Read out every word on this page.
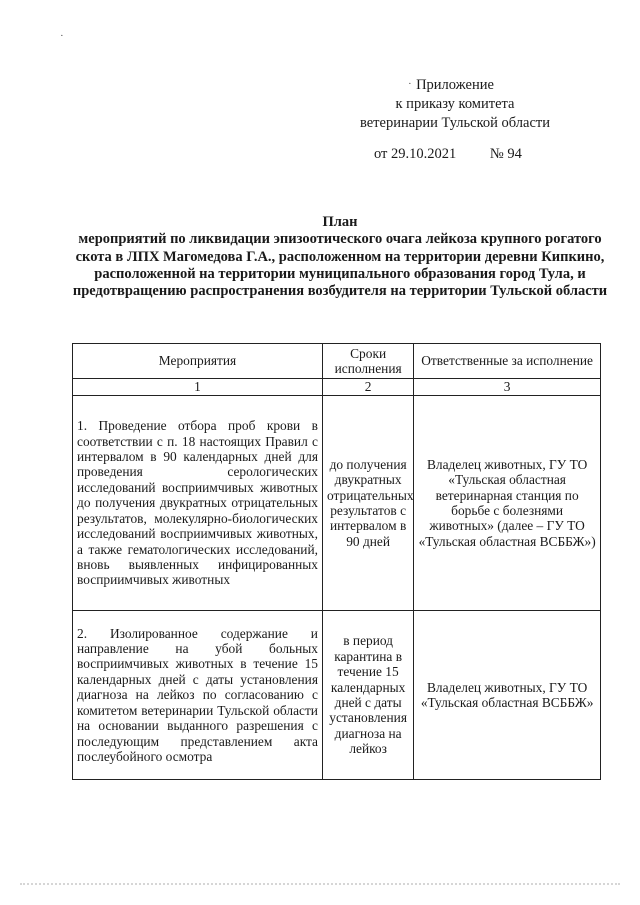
·
· Приложение
к приказу комитета
ветеринарии Тульской области
от 29.10.2021 № 94
План
мероприятий по ликвидации эпизоотического очага лейкоза крупного рогатого скота в ЛПХ Магомедова Г.А., расположенном на территории деревни Кипкино, расположенной на территории муниципального образования город Тула, и предотвращению распространения возбудителя на территории Тульской области
Мероприятия	Сроки исполнения	Ответственные за исполнение
1	2	3
1. Проведение отбора проб крови в соответствии с п. 18 настоящих Правил с интервалом в 90 календарных дней для проведения серологических исследований восприимчивых животных до получения двукратных отрицательных результатов, молекулярно-биологических исследований восприимчивых животных, а также гематологических исследований, вновь выявленных инфицированных восприимчивых животных	до получения двукратных отрицательных результатов с интервалом в 90 дней	Владелец животных, ГУ ТО «Тульская областная ветеринарная станция по борьбе с болезнями животных» (далее – ГУ ТО «Тульская областная ВСББЖ»)
2. Изолированное содержание и направление на убой больных восприимчивых животных в течение 15 календарных дней с даты установления диагноза на лейкоз по согласованию с комитетом ветеринарии Тульской области на основании выданного разрешения с последующим представлением акта послеубойного осмотра	в период карантина в течение 15 календарных дней с даты установления диагноза на лейкоз	Владелец животных, ГУ ТО «Тульская областная ВСББЖ»
